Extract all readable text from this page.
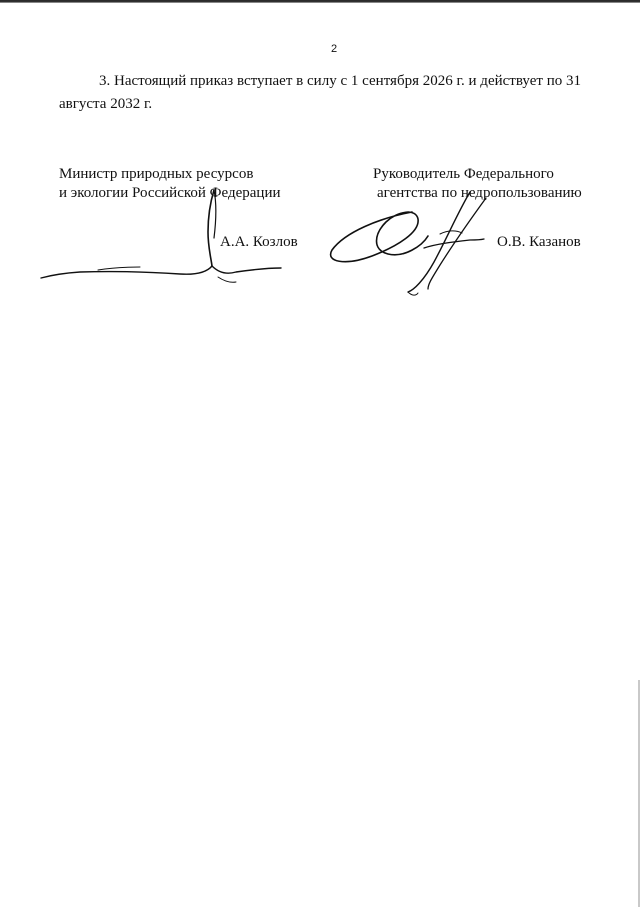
2

3. Настоящий приказ вступает в силу с 1 сентября 2026 г. и действует по 31 августа 2032 г.

Министр природных ресурсов
и экологии Российской Федерации
А.А. Козлов
Руководитель Федерального
агентства по недропользованию
О.В. Казанов
